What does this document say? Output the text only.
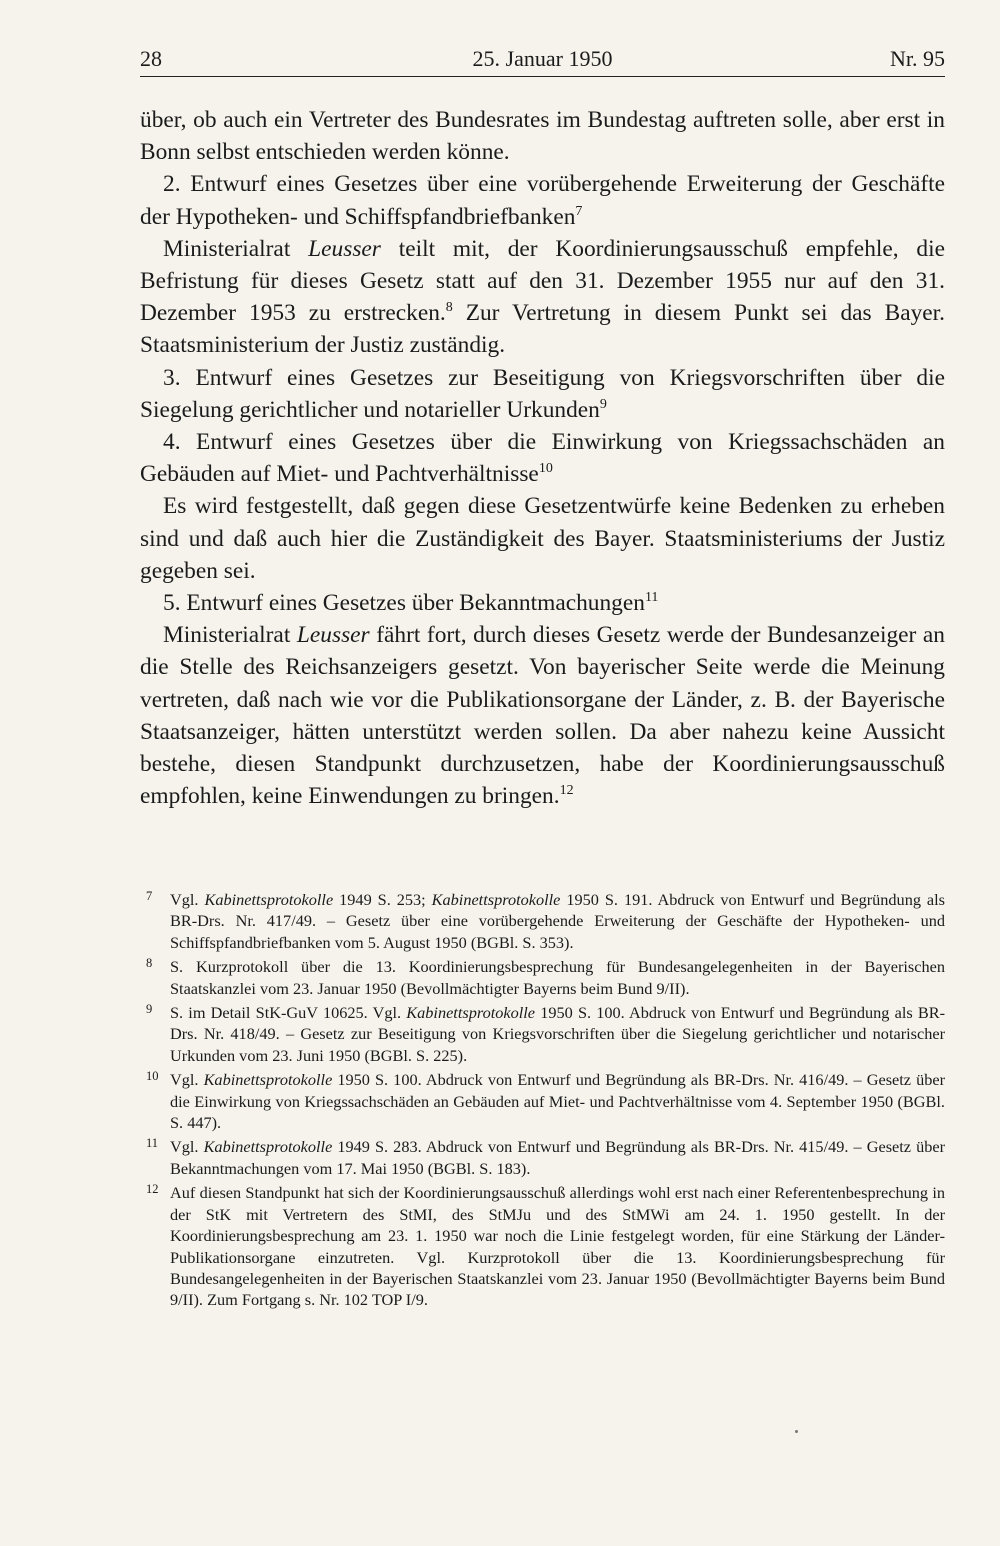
28	25. Januar 1950	Nr. 95

über, ob auch ein Vertreter des Bundesrates im Bundestag auftreten solle, aber erst in Bonn selbst entschieden werden könne.

2. Entwurf eines Gesetzes über eine vorübergehende Erweiterung der Geschäfte der Hypotheken- und Schiffspfandbriefbanken$^7$

Ministerialrat Leusser teilt mit, der Koordinierungsausschuß empfehle, die Befristung für dieses Gesetz statt auf den 31. Dezember 1955 nur auf den 31. Dezember 1953 zu erstrecken.$^8$ Zur Vertretung in diesem Punkt sei das Bayer. Staatsministerium der Justiz zuständig.

3. Entwurf eines Gesetzes zur Beseitigung von Kriegsvorschriften über die Siegelung gerichtlicher und notarieller Urkunden$^9$

4. Entwurf eines Gesetzes über die Einwirkung von Kriegssachschäden an Gebäuden auf Miet- und Pachtverhältnisse$^{10}$

Es wird festgestellt, daß gegen diese Gesetzentwürfe keine Bedenken zu erheben sind und daß auch hier die Zuständigkeit des Bayer. Staatsministeriums der Justiz gegeben sei.

5. Entwurf eines Gesetzes über Bekanntmachungen$^{11}$

Ministerialrat Leusser fährt fort, durch dieses Gesetz werde der Bundesanzeiger an die Stelle des Reichsanzeigers gesetzt. Von bayerischer Seite werde die Meinung vertreten, daß nach wie vor die Publikationsorgane der Länder, z. B. der Bayerische Staatsanzeiger, hätten unterstützt werden sollen. Da aber nahezu keine Aussicht bestehe, diesen Standpunkt durchzusetzen, habe der Koordinierungsausschuß empfohlen, keine Einwendungen zu bringen.$^{12}$

7 Vgl. Kabinettsprotokolle 1949 S. 253; Kabinettsprotokolle 1950 S. 191. Abdruck von Entwurf und Begründung als BR-Drs. Nr. 417/49. – Gesetz über eine vorübergehende Erweiterung der Geschäfte der Hypotheken- und Schiffspfandbriefbanken vom 5. August 1950 (BGBl. S. 353).
8 S. Kurzprotokoll über die 13. Koordinierungsbesprechung für Bundesangelegenheiten in der Bayerischen Staatskanzlei vom 23. Januar 1950 (Bevollmächtigter Bayerns beim Bund 9/II).
9 S. im Detail StK-GuV 10625. Vgl. Kabinettsprotokolle 1950 S. 100. Abdruck von Entwurf und Begründung als BR-Drs. Nr. 418/49. – Gesetz zur Beseitigung von Kriegsvorschriften über die Siegelung gerichtlicher und notarischer Urkunden vom 23. Juni 1950 (BGBl. S. 225).
10 Vgl. Kabinettsprotokolle 1950 S. 100. Abdruck von Entwurf und Begründung als BR-Drs. Nr. 416/49. – Gesetz über die Einwirkung von Kriegssachschäden an Gebäuden auf Miet- und Pachtverhältnisse vom 4. September 1950 (BGBl. S. 447).
11 Vgl. Kabinettsprotokolle 1949 S. 283. Abdruck von Entwurf und Begründung als BR-Drs. Nr. 415/49. – Gesetz über Bekanntmachungen vom 17. Mai 1950 (BGBl. S. 183).
12 Auf diesen Standpunkt hat sich der Koordinierungsausschuß allerdings wohl erst nach einer Referentenbesprechung in der StK mit Vertretern des StMI, des StMJu und des StMWi am 24. 1. 1950 gestellt. In der Koordinierungsbesprechung am 23. 1. 1950 war noch die Linie festgelegt worden, für eine Stärkung der Länder-Publikationsorgane einzutreten. Vgl. Kurzprotokoll über die 13. Koordinierungsbesprechung für Bundesangelegenheiten in der Bayerischen Staatskanzlei vom 23. Januar 1950 (Bevollmächtigter Bayerns beim Bund 9/II). Zum Fortgang s. Nr. 102 TOP I/9.
